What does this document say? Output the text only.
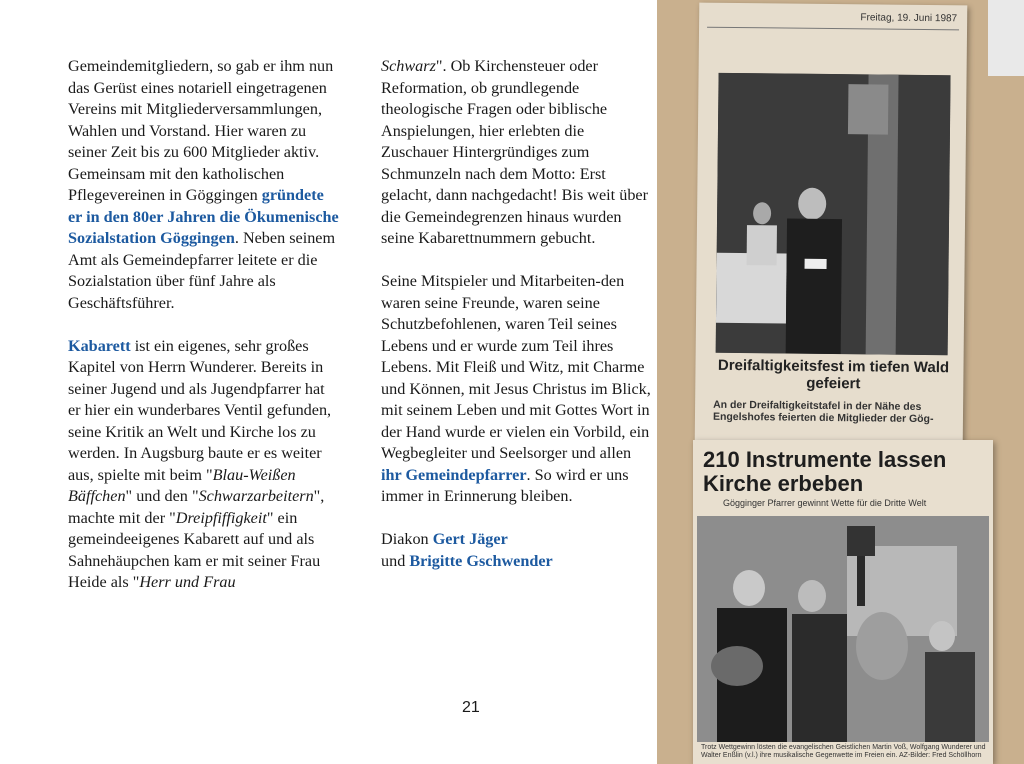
Gemeindemitgliedern, so gab er ihm nun das Gerüst eines notariell eingetragenen Vereins mit Mitgliederversammlungen, Wahlen und Vorstand. Hier waren zu seiner Zeit bis zu 600 Mitglieder aktiv. Gemeinsam mit den katholischen Pflegevereinen in Göggingen gründete er in den 80er Jahren die Ökumenische Sozialstation Göggingen. Neben seinem Amt als Gemeindepfarrer leitete er die Sozialstation über fünf Jahre als Geschäftsführer.

Kabarett ist ein eigenes, sehr großes Kapitel von Herrn Wunderer. Bereits in seiner Jugend und als Jugendpfarrer hat er hier ein wunderbares Ventil gefunden, seine Kritik an Welt und Kirche los zu werden. In Augsburg baute er es weiter aus, spielte mit beim "Blau-Weißen Bäffchen" und den "Schwarzarbeitern", machte mit der "Dreipfiffigkeit" ein gemeindeeigenes Kabarett auf und als Sahnehäupchen kam er mit seiner Frau Heide als "Herr und Frau

Schwarz". Ob Kirchensteuer oder Reformation, ob grundlegende theologische Fragen oder biblische Anspielungen, hier erlebten die Zuschauer Hintergründiges zum Schmunzeln nach dem Motto: Erst gelacht, dann nachgedacht! Bis weit über die Gemeindegrenzen hinaus wurden seine Kabarettnummern gebucht.

Seine Mitspieler und Mitarbeiten-den waren seine Freunde, waren seine Schutzbefohlenen, waren Teil seines Lebens und er wurde zum Teil ihres Lebens. Mit Fleiß und Witz, mit Charme und Können, mit Jesus Christus im Blick, mit seinem Leben und mit Gottes Wort in der Hand wurde er vielen ein Vorbild, ein Wegbegleiter und Seelsorger und allen ihr Gemeindepfarrer. So wird er uns immer in Erinnerung bleiben.

Diakon Gert Jäger
und Brigitte Gschwender

21
Freitag, 19. Juni 1987
Dreifaltigkeitsfest im tiefen Wald gefeiert
An der Dreifaltigkeitstafel in der Nähe des Engelshofes feierten die Mitglieder der Gög-
210 Instrumente lassen Kirche erbeben
Gögginger Pfarrer gewinnt Wette für die Dritte Welt
Trotz Wettgewinn lösten die evangelischen Geistlichen Martin Voß, Wolfgang Wunderer und Walter Enßlin (v.l.) ihre musikalische Gegenwette im Freien ein. AZ-Bilder: Fred Schöllhorn
